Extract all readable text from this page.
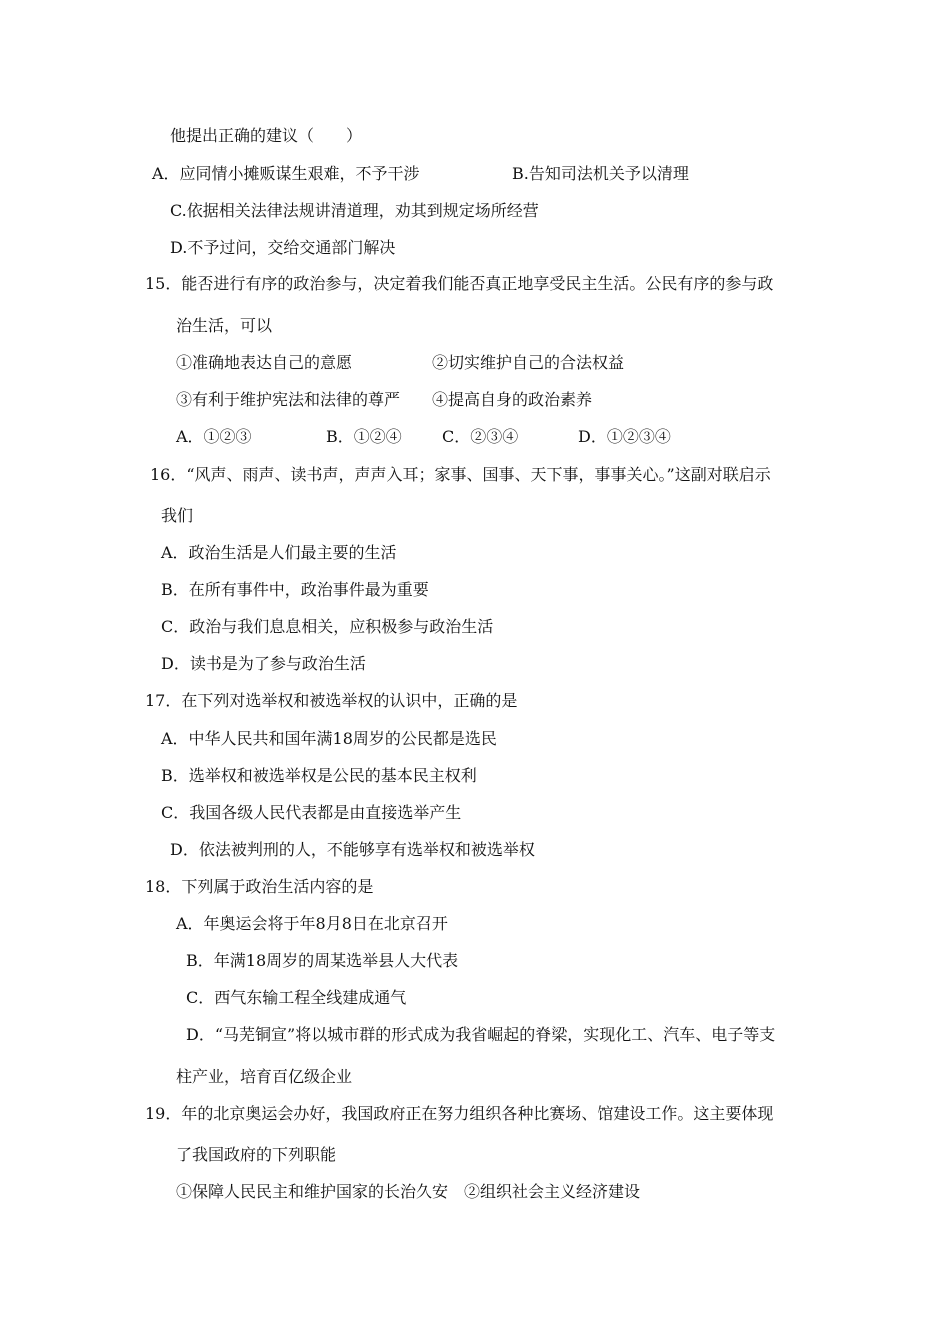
他提出正确的建议（　　）
A．应同情小摊贩谋生艰难，不予干涉	B.告知司法机关予以清理
C.依据相关法律法规讲清道理，劝其到规定场所经营
D.不予过问，交给交通部门解决
15．能否进行有序的政治参与，决定着我们能否真正地享受民主生活。公民有序的参与政
治生活，可以
①准确地表达自己的意愿	②切实维护自己的合法权益
③有利于维护宪法和法律的尊严 ④提高自身的政治素养
A．①②③	B．①②④	C．②③④	D．①②③④
16．“风声、雨声、读书声，声声入耳；家事、国事、天下事，事事关心。”这副对联启示
我们
A．政治生活是人们最主要的生活
B．在所有事件中，政治事件最为重要
C．政治与我们息息相关，应积极参与政治生活
D．读书是为了参与政治生活
17．在下列对选举权和被选举权的认识中，正确的是
A．中华人民共和国年满18周岁的公民都是选民
B．选举权和被选举权是公民的基本民主权利
C．我国各级人民代表都是由直接选举产生
D．依法被判刑的人，不能够享有选举权和被选举权
18．下列属于政治生活内容的是
A．年奥运会将于年8月8日在北京召开
B．年满18周岁的周某选举县人大代表
C．西气东输工程全线建成通气
D．“马芜铜宣”将以城市群的形式成为我省崛起的脊梁，实现化工、汽车、电子等支
柱产业，培育百亿级企业
19．年的北京奥运会办好，我国政府正在努力组织各种比赛场、馆建设工作。这主要体现
了我国政府的下列职能
①保障人民民主和维护国家的长治久安　②组织社会主义经济建设
